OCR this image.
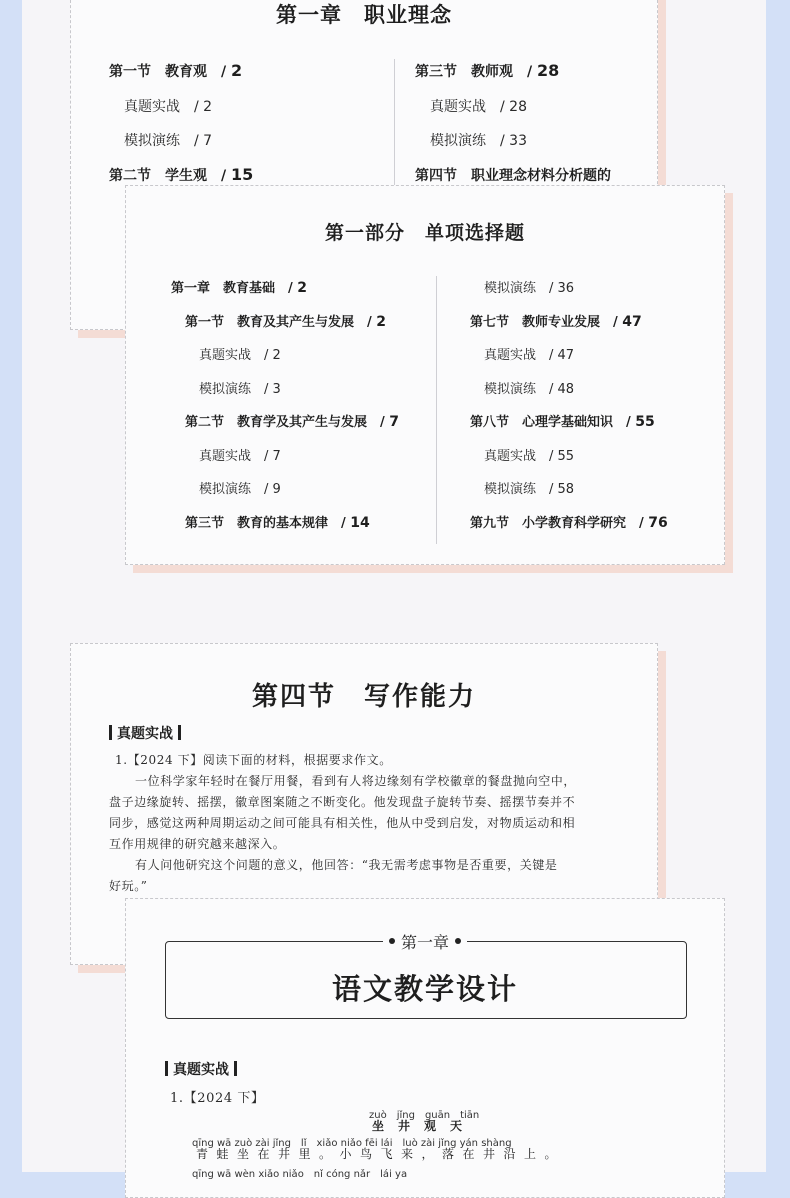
第一章　职业理念
第一节　教育观　/ 2
真题实战　/ 2
模拟演练　/ 7
第二节　学生观　/ 15
第三节　教师观　/ 28
真题实战　/ 28
模拟演练　/ 33
第四节　职业理念材料分析题的
第一部分　单项选择题
第一章　教育基础　/ 2
第一节　教育及其产生与发展　/ 2
真题实战　/ 2
模拟演练　/ 3
第二节　教育学及其产生与发展　/ 7
真题实战　/ 7
模拟演练　/ 9
第三节　教育的基本规律　/ 14
模拟演练　/ 36
第七节　教师专业发展　/ 47
真题实战　/ 47
模拟演练　/ 48
第八节　心理学基础知识　/ 55
真题实战　/ 55
模拟演练　/ 58
第九节　小学教育科学研究　/ 76
第四节　写作能力
真题实战
1.【2024 下】阅读下面的材料，根据要求作文。
一位科学家年轻时在餐厅用餐，看到有人将边缘刻有学校徽章的餐盘抛向空中，
盘子边缘旋转、摇摆，徽章图案随之不断变化。他发现盘子旋转节奏、摇摆节奏并不
同步，感觉这两种周期运动之间可能具有相关性，他从中受到启发，对物质运动和相
互作用规律的研究越来越深入。
有人问他研究这个问题的意义，他回答：“我无需考虑事物是否重要，关键是
好玩。”
第一章
语文教学设计
真题实战
1.【2024 下】
zuò　jǐng　guān　tiān
坐井观天
qīng wā zuò zài jǐng　lǐ　xiǎo niǎo fēi lái　luò zài jǐng yán shàng
青蛙坐在井里。小鸟飞来，落在井沿上。
qīng wā wèn xiǎo niǎo　nǐ cóng nǎr　lái ya
